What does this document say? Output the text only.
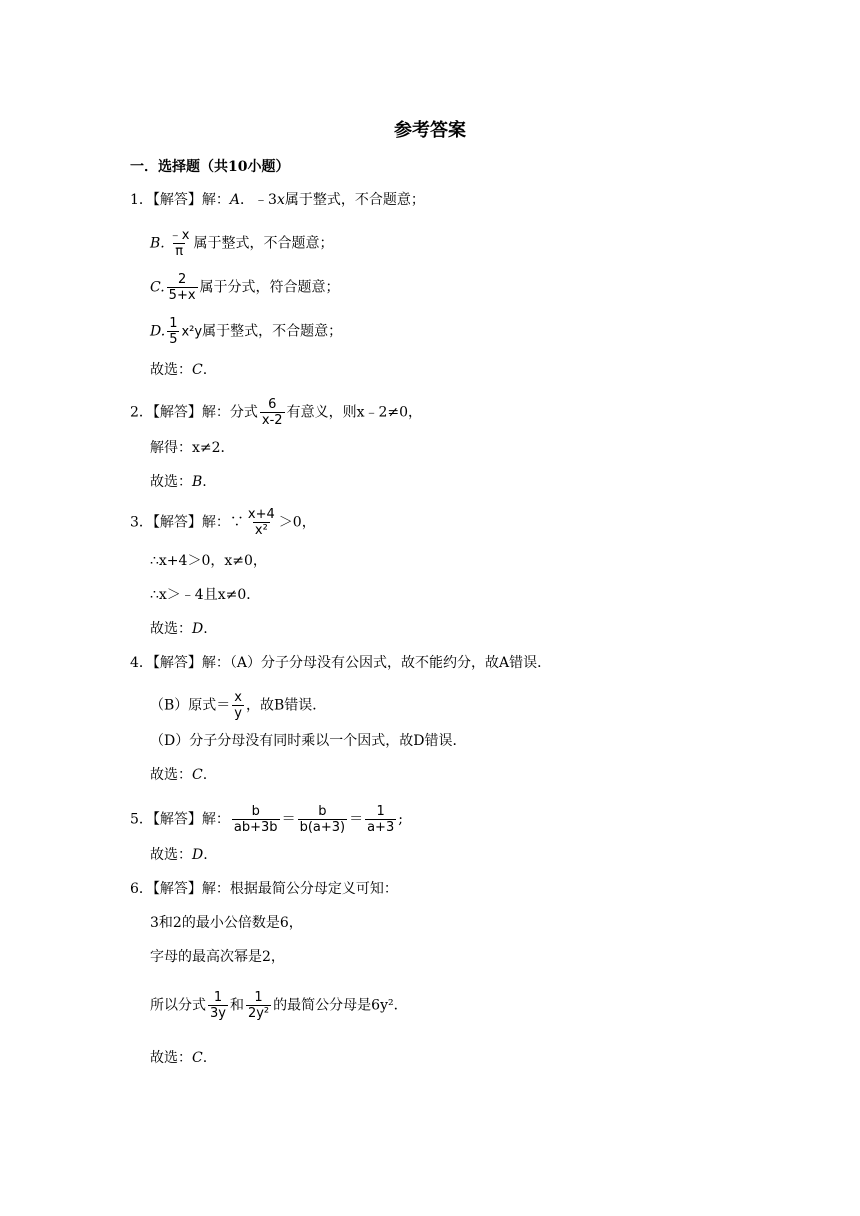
参考答案
一．选择题（共10小题）
1．【解答】解：A．﹣3x属于整式，不合题意；
B. $\frac{﹣x}{\pi}$ 属于整式，不合题意；
C. $\frac{2}{5+x}$ 属于分式，符合题意；
D. $\frac{1}{5} x^2y$属于整式，不合题意；
故选：C.
2．【解答】解：分式 $\frac{6}{x-2}$ 有意义，则x﹣2≠0，
解得：x≠2．
故选：B.
3．【解答】解：∵ $\frac{x+4}{\text{x²}} >0$，
∴x+4＞0，x≠0，
∴x＞﹣4且x≠0．
故选：D.
4．【解答】解：（A）分子分母没有公因式，故不能约分，故A错误．
（B）原式＝ $\frac{x}{y}$ ，故B错误．
（D）分子分母没有同时乘以一个因式，故D错误．
故选：C.
5．【解答】解： $\frac{b}{ab+3b} = \frac{b}{b(a+3)} = \frac{1}{a+3}$ ;
故选：D.
6．【解答】解：根据最简公分母定义可知：
3和2的最小公倍数是6，
字母的最高次幂是2，
所以分式 $\frac{1}{3y}$ 和 $\frac{1}{\text{2y²}}$ 的最简公分母是6y²．
故选：C.
